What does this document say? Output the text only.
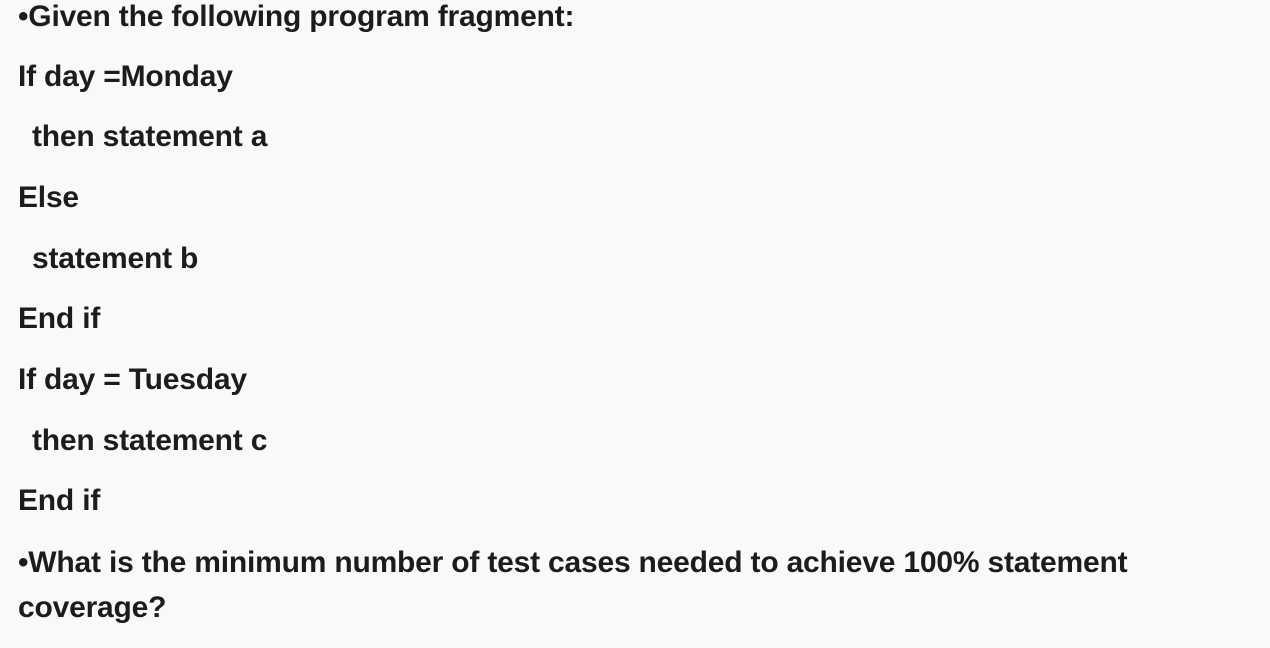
•Given the following program fragment:
If day =Monday
then statement a
Else
statement b
End if
If day = Tuesday
then statement c
End if
•What is the minimum number of test cases needed to achieve 100% statement coverage?
